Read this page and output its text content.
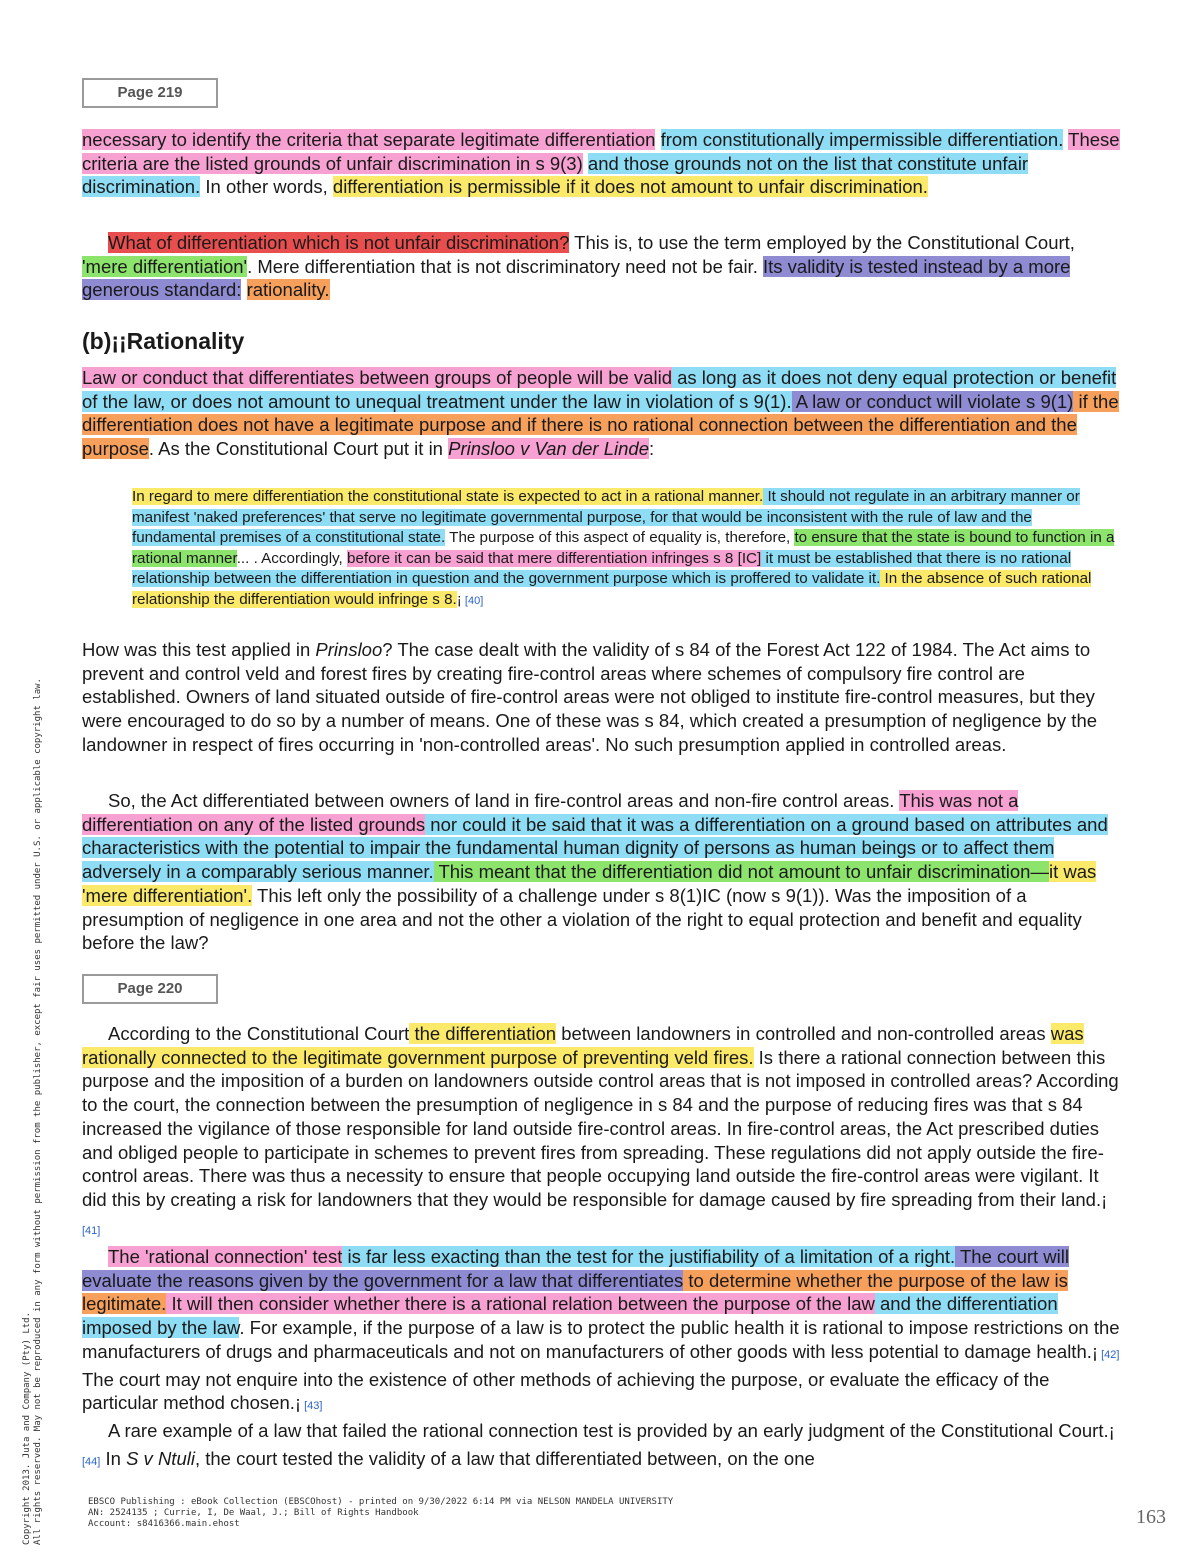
Page 219

necessary to identify the criteria that separate legitimate differentiation from constitutionally impermissible differentiation. These criteria are the listed grounds of unfair discrimination in s 9(3) and those grounds not on the list that constitute unfair discrimination. In other words, differentiation is permissible if it does not amount to unfair discrimination.

What of differentiation which is not unfair discrimination? This is, to use the term employed by the Constitutional Court, 'mere differentiation'. Mere differentiation that is not discriminatory need not be fair. Its validity is tested instead by a more generous standard: rationality.

(b)¡¡Rationality

Law or conduct that differentiates between groups of people will be valid as long as it does not deny equal protection or benefit of the law, or does not amount to unequal treatment under the law in violation of s 9(1). A law or conduct will violate s 9(1) if the differentiation does not have a legitimate purpose and if there is no rational connection between the differentiation and the purpose. As the Constitutional Court put it in Prinsloo v Van der Linde:

In regard to mere differentiation the constitutional state is expected to act in a rational manner. It should not regulate in an arbitrary manner or manifest 'naked preferences' that serve no legitimate governmental purpose, for that would be inconsistent with the rule of law and the fundamental premises of a constitutional state. The purpose of this aspect of equality is, therefore, to ensure that the state is bound to function in a rational manner... . Accordingly, before it can be said that mere differentiation infringes s 8 [IC] it must be established that there is no rational relationship between the differentiation in question and the government purpose which is proffered to validate it. In the absence of such rational relationship the differentiation would infringe s 8.¡ [40]

How was this test applied in Prinsloo? The case dealt with the validity of s 84 of the Forest Act 122 of 1984. The Act aims to prevent and control veld and forest fires by creating fire-control areas where schemes of compulsory fire control are established. Owners of land situated outside of fire-control areas were not obliged to institute fire-control measures, but they were encouraged to do so by a number of means. One of these was s 84, which created a presumption of negligence by the landowner in respect of fires occurring in 'non-controlled areas'. No such presumption applied in controlled areas.

So, the Act differentiated between owners of land in fire-control areas and non-fire control areas. This was not a differentiation on any of the listed grounds nor could it be said that it was a differentiation on a ground based on attributes and characteristics with the potential to impair the fundamental human dignity of persons as human beings or to affect them adversely in a comparably serious manner. This meant that the differentiation did not amount to unfair discrimination—it was 'mere differentiation'. This left only the possibility of a challenge under s 8(1)IC (now s 9(1)). Was the imposition of a presumption of negligence in one area and not the other a violation of the right to equal protection and benefit and equality before the law?

Page 220

According to the Constitutional Court the differentiation between landowners in controlled and non-controlled areas was rationally connected to the legitimate government purpose of preventing veld fires. Is there a rational connection between this purpose and the imposition of a burden on landowners outside control areas that is not imposed in controlled areas? According to the court, the connection between the presumption of negligence in s 84 and the purpose of reducing fires was that s 84 increased the vigilance of those responsible for land outside fire-control areas. In fire-control areas, the Act prescribed duties and obliged people to participate in schemes to prevent fires from spreading. These regulations did not apply outside the fire-control areas. There was thus a necessity to ensure that people occupying land outside the fire-control areas were vigilant. It did this by creating a risk for landowners that they would be responsible for damage caused by fire spreading from their land.¡ [41]

The 'rational connection' test is far less exacting than the test for the justifiability of a limitation of a right. The court will evaluate the reasons given by the government for a law that differentiates to determine whether the purpose of the law is legitimate. It will then consider whether there is a rational relation between the purpose of the law and the differentiation imposed by the law. For example, if the purpose of a law is to protect the public health it is rational to impose restrictions on the manufacturers of drugs and pharmaceuticals and not on manufacturers of other goods with less potential to damage health.¡ [42] The court may not enquire into the existence of other methods of achieving the purpose, or evaluate the efficacy of the particular method chosen.¡ [43]

A rare example of a law that failed the rational connection test is provided by an early judgment of the Constitutional Court.¡ [44] In S v Ntuli, the court tested the validity of a law that differentiated between, on the one

Copyright 2013. Juta and Company (Pty) Ltd. All rights reserved. May not be reproduced in any form without permission from the publisher, except fair uses permitted under U.S. or applicable copyright law.	EBSCO Publishing : eBook Collection (EBSCOhost) - printed on 9/30/2022 6:14 PM via NELSON MANDELA UNIVERSITY
AN: 2524135 ; Currie, I, De Waal, J.; Bill of Rights Handbook
Account: s8416366.main.ehost	163
